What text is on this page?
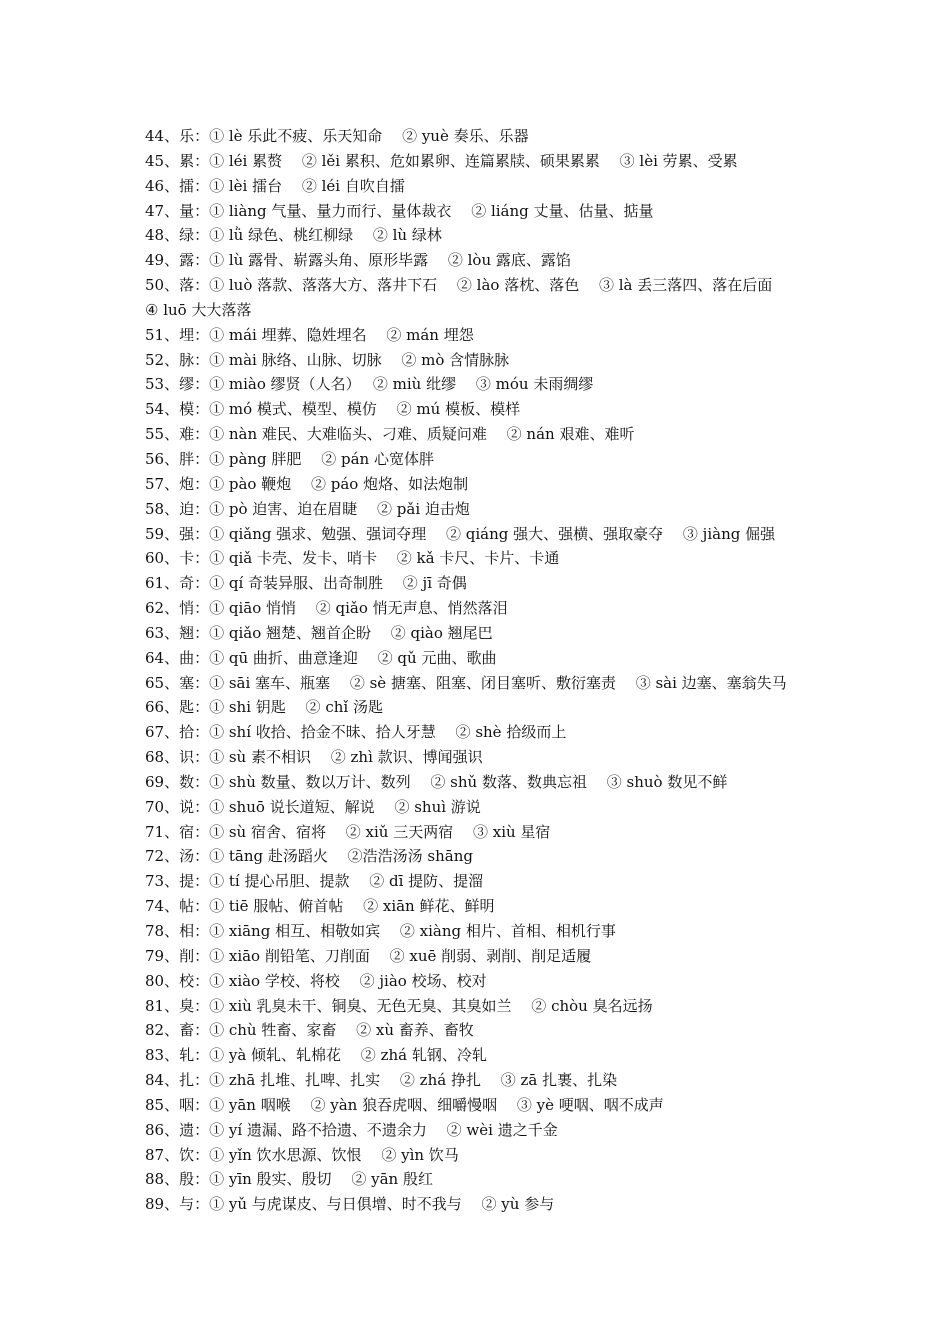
44、乐：① lè 乐此不疲、乐天知命　 ② yuè 奏乐、乐器
45、累：① léi 累赘　 ② lěi 累积、危如累卵、连篇累牍、硕果累累　 ③ lèi 劳累、受累
46、擂：① lèi 擂台　 ② léi 自吹自擂
47、量：① liàng 气量、量力而行、量体裁衣　 ② liáng 丈量、估量、掂量
48、绿：① lǜ 绿色、桃红柳绿　 ② lù 绿林
49、露：① lù 露骨、崭露头角、原形毕露　 ② lòu 露底、露馅
50、落：① luò 落款、落落大方、落井下石　 ② lào 落枕、落色　 ③ là 丢三落四、落在后面
④ luō 大大落落
51、埋：① mái 埋葬、隐姓埋名　 ② mán 埋怨
52、脉：① mài 脉络、山脉、切脉　 ② mò 含情脉脉
53、缪：① miào 缪贤（人名）　 ② miù 纰缪　 ③ móu 未雨绸缪
54、模：① mó 模式、模型、模仿　 ② mú 模板、模样
55、难：① nàn 难民、大难临头、刁难、质疑问难　 ② nán 艰难、难听
56、胖：① pàng 胖肥　 ② pán 心宽体胖
57、炮：① pào 鞭炮　 ② páo 炮烙、如法炮制
58、迫：① pò 迫害、迫在眉睫　 ② pǎi 迫击炮
59、强：① qiǎng 强求、勉强、强词夺理　 ② qiáng 强大、强横、强取豪夺　 ③ jiàng 倔强
60、卡：① qiǎ 卡壳、发卡、哨卡　 ② kǎ 卡尺、卡片、卡通
61、奇：① qí 奇装异服、出奇制胜　 ② jī 奇偶
62、悄：① qiāo 悄悄　 ② qiǎo 悄无声息、悄然落泪
63、翘：① qiǎo 翘楚、翘首企盼　 ② qiào 翘尾巴
64、曲：① qū 曲折、曲意逢迎　 ② qǔ 元曲、歌曲
65、塞：① sāi 塞车、瓶塞　 ② sè 搪塞、阻塞、闭目塞听、敷衍塞责　 ③ sài 边塞、塞翁失马
66、匙：① shi 钥匙　 ② chǐ 汤匙
67、拾：① shí 收拾、拾金不昧、拾人牙慧　 ② shè 拾级而上
68、识：① sù 素不相识　 ② zhì 款识、博闻强识
69、数：① shù 数量、数以万计、数列　 ② shǔ 数落、数典忘祖　 ③ shuò 数见不鲜
70、说：① shuō 说长道短、解说　 ② shuì 游说
71、宿：① sù 宿舍、宿将　 ② xiǔ 三天两宿　 ③ xiù 星宿
72、汤：① tāng 赴汤蹈火　 ②浩浩汤汤 shāng
73、提：① tí 提心吊胆、提款　 ② dī 提防、提溜
74、帖：① tiē 服帖、俯首帖　 ② xiān 鲜花、鲜明
78、相：① xiāng 相互、相敬如宾　 ② xiàng 相片、首相、相机行事
79、削：① xiāo 削铅笔、刀削面　 ② xuē 削弱、剥削、削足适履
80、校：① xiào 学校、将校　 ② jiào 校场、校对
81、臭：① xiù 乳臭未干、铜臭、无色无臭、其臭如兰　 ② chòu 臭名远扬
82、畜：① chù 牲畜、家畜　 ② xù 畜养、畜牧
83、轧：① yà 倾轧、轧棉花　 ② zhá 轧钢、冷轧
84、扎：① zhā 扎堆、扎啤、扎实　 ② zhá 挣扎　 ③ zā 扎裹、扎染
85、咽：① yān 咽喉　 ② yàn 狼吞虎咽、细嚼慢咽　 ③ yè 哽咽、咽不成声
86、遗：① yí 遗漏、路不拾遗、不遗余力　 ② wèi 遗之千金
87、饮：① yǐn 饮水思源、饮恨　 ② yìn 饮马
88、殷：① yīn 殷实、殷切　 ② yān 殷红
89、与：① yǔ 与虎谋皮、与日俱增、时不我与　 ② yù 参与
